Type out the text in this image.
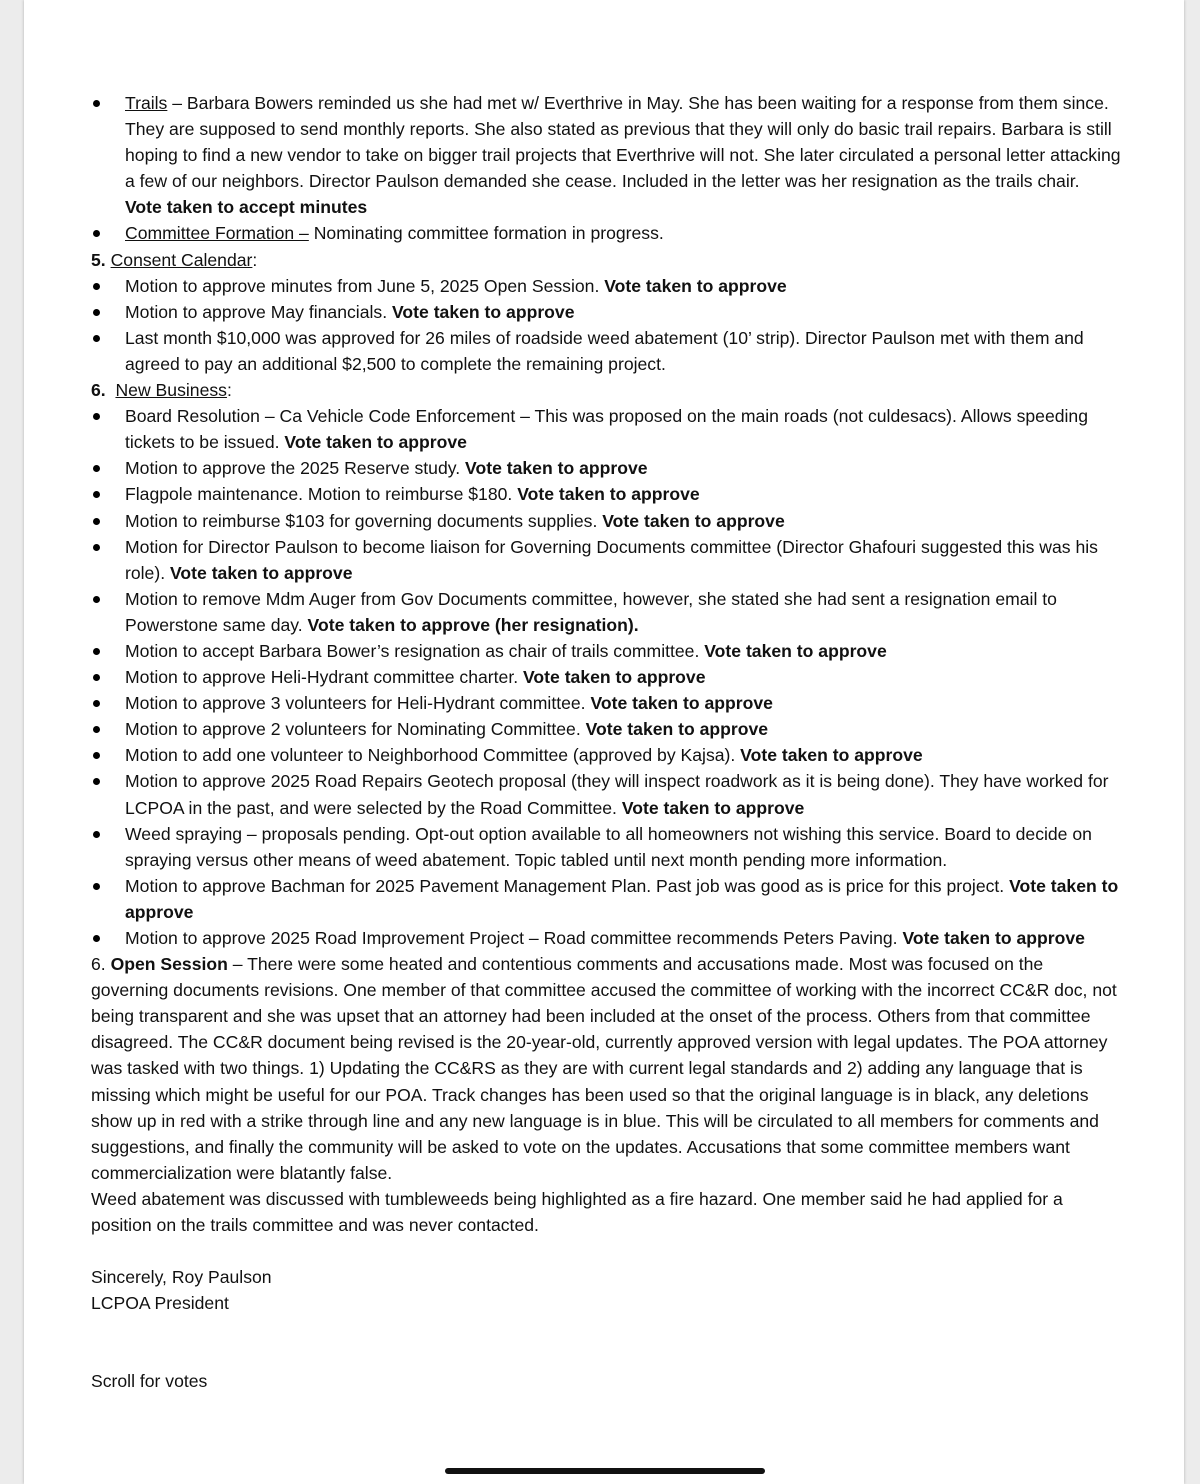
Trails – Barbara Bowers reminded us she had met w/ Everthrive in May. She has been waiting for a response from them since. They are supposed to send monthly reports. She also stated as previous that they will only do basic trail repairs. Barbara is still hoping to find a new vendor to take on bigger trail projects that Everthrive will not. She later circulated a personal letter attacking a few of our neighbors. Director Paulson demanded she cease. Included in the letter was her resignation as the trails chair. Vote taken to accept minutes
Committee Formation – Nominating committee formation in progress.
5. Consent Calendar:
Motion to approve minutes from June 5, 2025 Open Session. Vote taken to approve
Motion to approve May financials. Vote taken to approve
Last month $10,000 was approved for 26 miles of roadside weed abatement (10’ strip). Director Paulson met with them and agreed to pay an additional $2,500 to complete the remaining project.
6. New Business:
Board Resolution – Ca Vehicle Code Enforcement – This was proposed on the main roads (not culdesacs). Allows speeding tickets to be issued. Vote taken to approve
Motion to approve the 2025 Reserve study. Vote taken to approve
Flagpole maintenance. Motion to reimburse $180. Vote taken to approve
Motion to reimburse $103 for governing documents supplies. Vote taken to approve
Motion for Director Paulson to become liaison for Governing Documents committee (Director Ghafouri suggested this was his role). Vote taken to approve
Motion to remove Mdm Auger from Gov Documents committee, however, she stated she had sent a resignation email to Powerstone same day. Vote taken to approve (her resignation).
Motion to accept Barbara Bower’s resignation as chair of trails committee. Vote taken to approve
Motion to approve Heli-Hydrant committee charter. Vote taken to approve
Motion to approve 3 volunteers for Heli-Hydrant committee. Vote taken to approve
Motion to approve 2 volunteers for Nominating Committee. Vote taken to approve
Motion to add one volunteer to Neighborhood Committee (approved by Kajsa). Vote taken to approve
Motion to approve 2025 Road Repairs Geotech proposal (they will inspect roadwork as it is being done). They have worked for LCPOA in the past, and were selected by the Road Committee. Vote taken to approve
Weed spraying – proposals pending. Opt-out option available to all homeowners not wishing this service. Board to decide on spraying versus other means of weed abatement. Topic tabled until next month pending more information.
Motion to approve Bachman for 2025 Pavement Management Plan. Past job was good as is price for this project. Vote taken to approve
Motion to approve 2025 Road Improvement Project – Road committee recommends Peters Paving. Vote taken to approve
6. Open Session – There were some heated and contentious comments and accusations made. Most was focused on the governing documents revisions. One member of that committee accused the committee of working with the incorrect CC&R doc, not being transparent and she was upset that an attorney had been included at the onset of the process. Others from that committee disagreed. The CC&R document being revised is the 20-year-old, currently approved version with legal updates. The POA attorney was tasked with two things. 1) Updating the CC&RS as they are with current legal standards and 2) adding any language that is missing which might be useful for our POA. Track changes has been used so that the original language is in black, any deletions show up in red with a strike through line and any new language is in blue. This will be circulated to all members for comments and suggestions, and finally the community will be asked to vote on the updates. Accusations that some committee members want commercialization were blatantly false.
Weed abatement was discussed with tumbleweeds being highlighted as a fire hazard. One member said he had applied for a position on the trails committee and was never contacted.
Sincerely, Roy Paulson
LCPOA President
Scroll for votes
